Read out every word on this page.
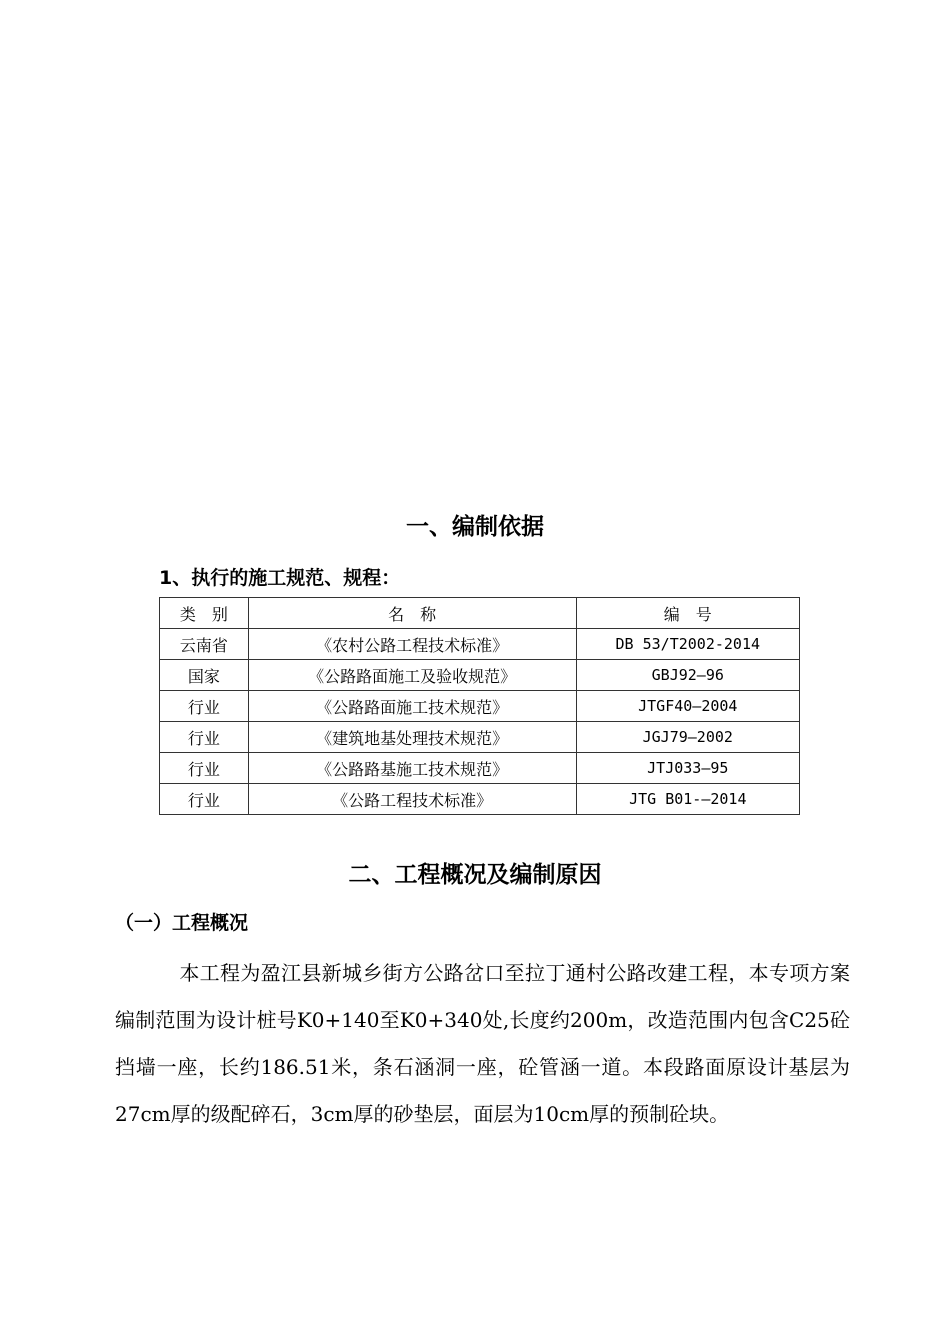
一、编制依据
1、执行的施工规范、规程：
类　别	名　称	编　号
云南省	《农村公路工程技术标准》	DB 53/T2002-2014
国家	《公路路面施工及验收规范》	GBJ92—96
行业	《公路路面施工技术规范》	JTGF40—2004
行业	《建筑地基处理技术规范》	JGJ79—2002
行业	《公路路基施工技术规范》	JTJ033—95
行业	《公路工程技术标准》	JTG B01-—2014
二、工程概况及编制原因
（一）工程概况

本工程为盈江县新城乡街方公路岔口至拉丁通村公路改建工程，本专项方案编制范围为设计桩号K0+140至K0+340处,长度约200m，改造范围内包含C25砼挡墙一座，长约186.51米，条石涵洞一座，砼管涵一道。本段路面原设计基层为27cm厚的级配碎石，3cm厚的砂垫层，面层为10cm厚的预制砼块。
